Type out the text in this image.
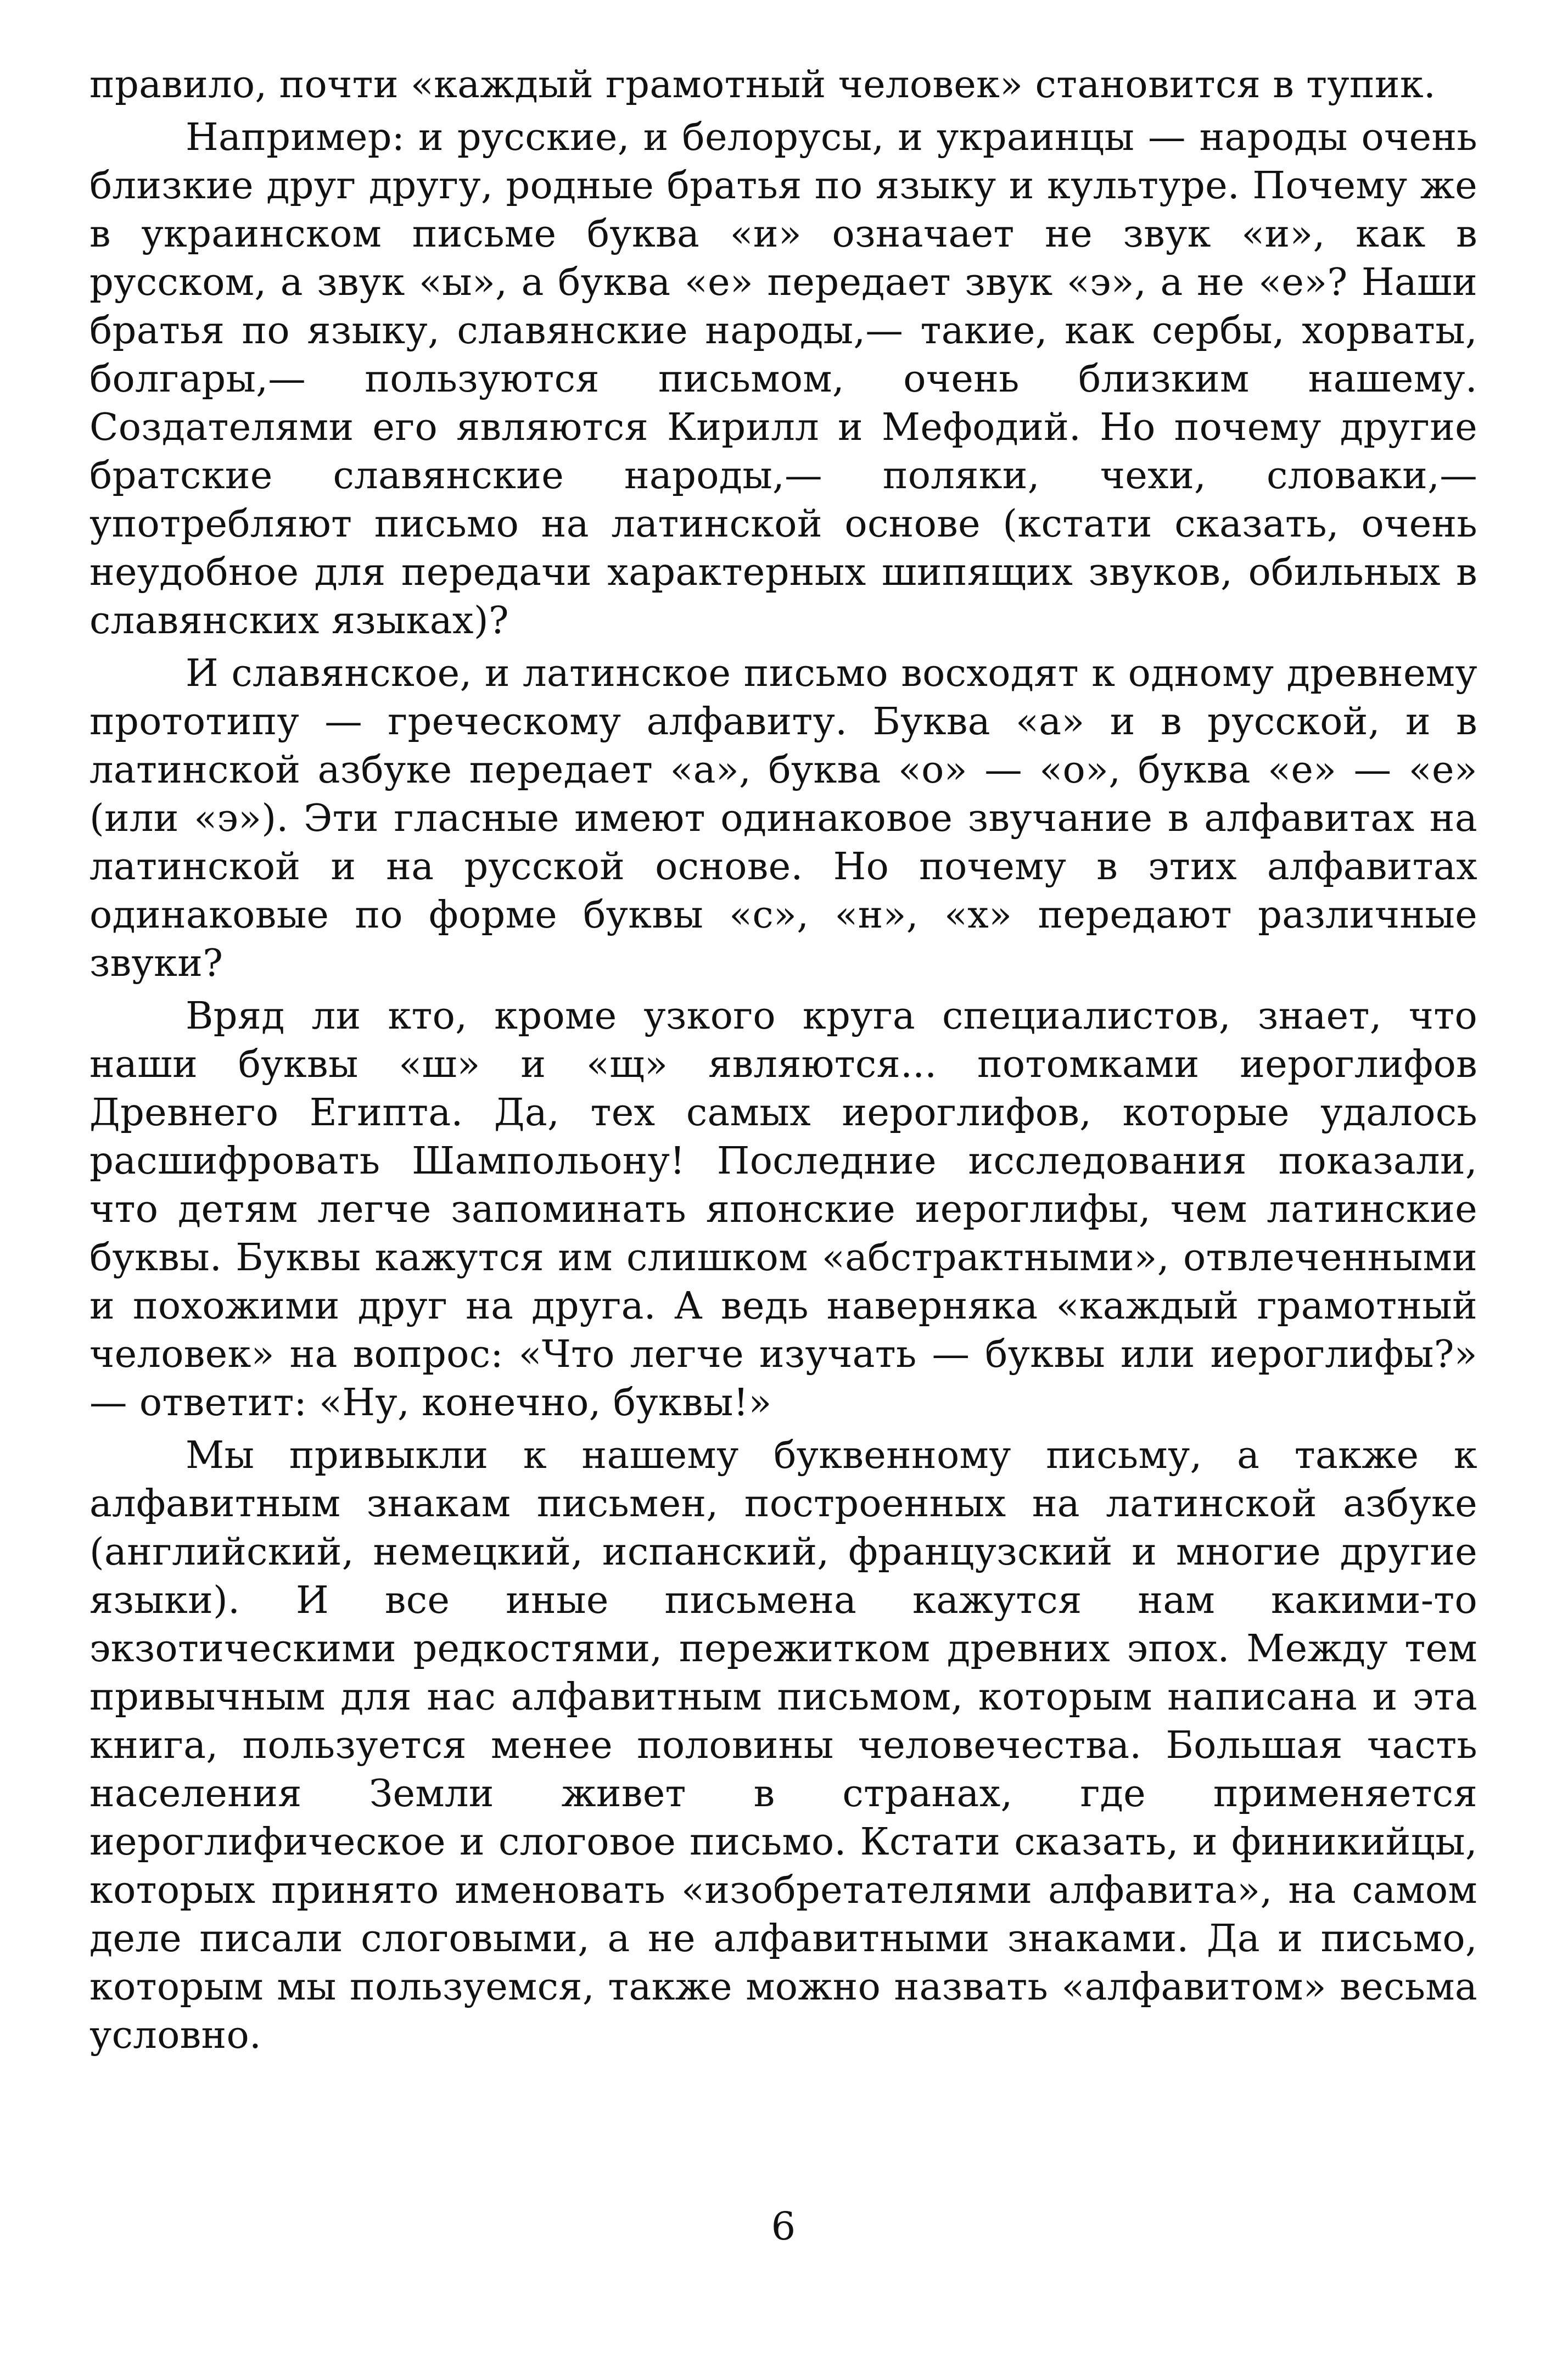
правило, почти «каждый грамотный человек» становится в тупик.

Например: и русские, и белорусы, и украинцы — народы очень близкие друг другу, родные братья по языку и культуре. Почему же в украинском письме буква «и» означает не звук «и», как в русском, а звук «ы», а буква «е» передает звук «э», а не «е»? Наши братья по языку, славянские народы,— такие, как сербы, хорваты, болгары,— пользуются письмом, очень близким нашему. Создателями его являются Кирилл и Мефодий. Но почему другие братские славянские народы,— поляки, чехи, словаки,— употребляют письмо на латинской основе (кстати сказать, очень неудобное для передачи характерных шипящих звуков, обильных в славянских языках)?

И славянское, и латинское письмо восходят к одному древнему прототипу — греческому алфавиту. Буква «а» и в русской, и в латинской азбуке передает «а», буква «о» — «о», буква «е» — «е» (или «э»). Эти гласные имеют одинаковое звучание в алфавитах на латинской и на русской основе. Но почему в этих алфавитах одинаковые по форме буквы «с», «н», «х» передают различные звуки?

Вряд ли кто, кроме узкого круга специалистов, знает, что наши буквы «ш» и «щ» являются... потомками иероглифов Древнего Египта. Да, тех самых иероглифов, которые удалось расшифровать Шампольону! Последние исследования показали, что детям легче запоминать японские иероглифы, чем латинские буквы. Буквы кажутся им слишком «абстрактными», отвлеченными и похожими друг на друга. А ведь наверняка «каждый грамотный человек» на вопрос: «Что легче изучать — буквы или иероглифы?» — ответит: «Ну, конечно, буквы!»

Мы привыкли к нашему буквенному письму, а также к алфавитным знакам письмен, построенных на латинской азбуке (английский, немецкий, испанский, французский и многие другие языки). И все иные письмена кажутся нам какими-то экзотическими редкостями, пережитком древних эпох. Между тем привычным для нас алфавитным письмом, которым написана и эта книга, пользуется менее половины человечества. Большая часть населения Земли живет в странах, где применяется иероглифическое и слоговое письмо. Кстати сказать, и финикийцы, которых принято именовать «изобретателями алфавита», на самом деле писали слоговыми, а не алфавитными знаками. Да и письмо, которым мы пользуемся, также можно назвать «алфавитом» весьма условно.

6
